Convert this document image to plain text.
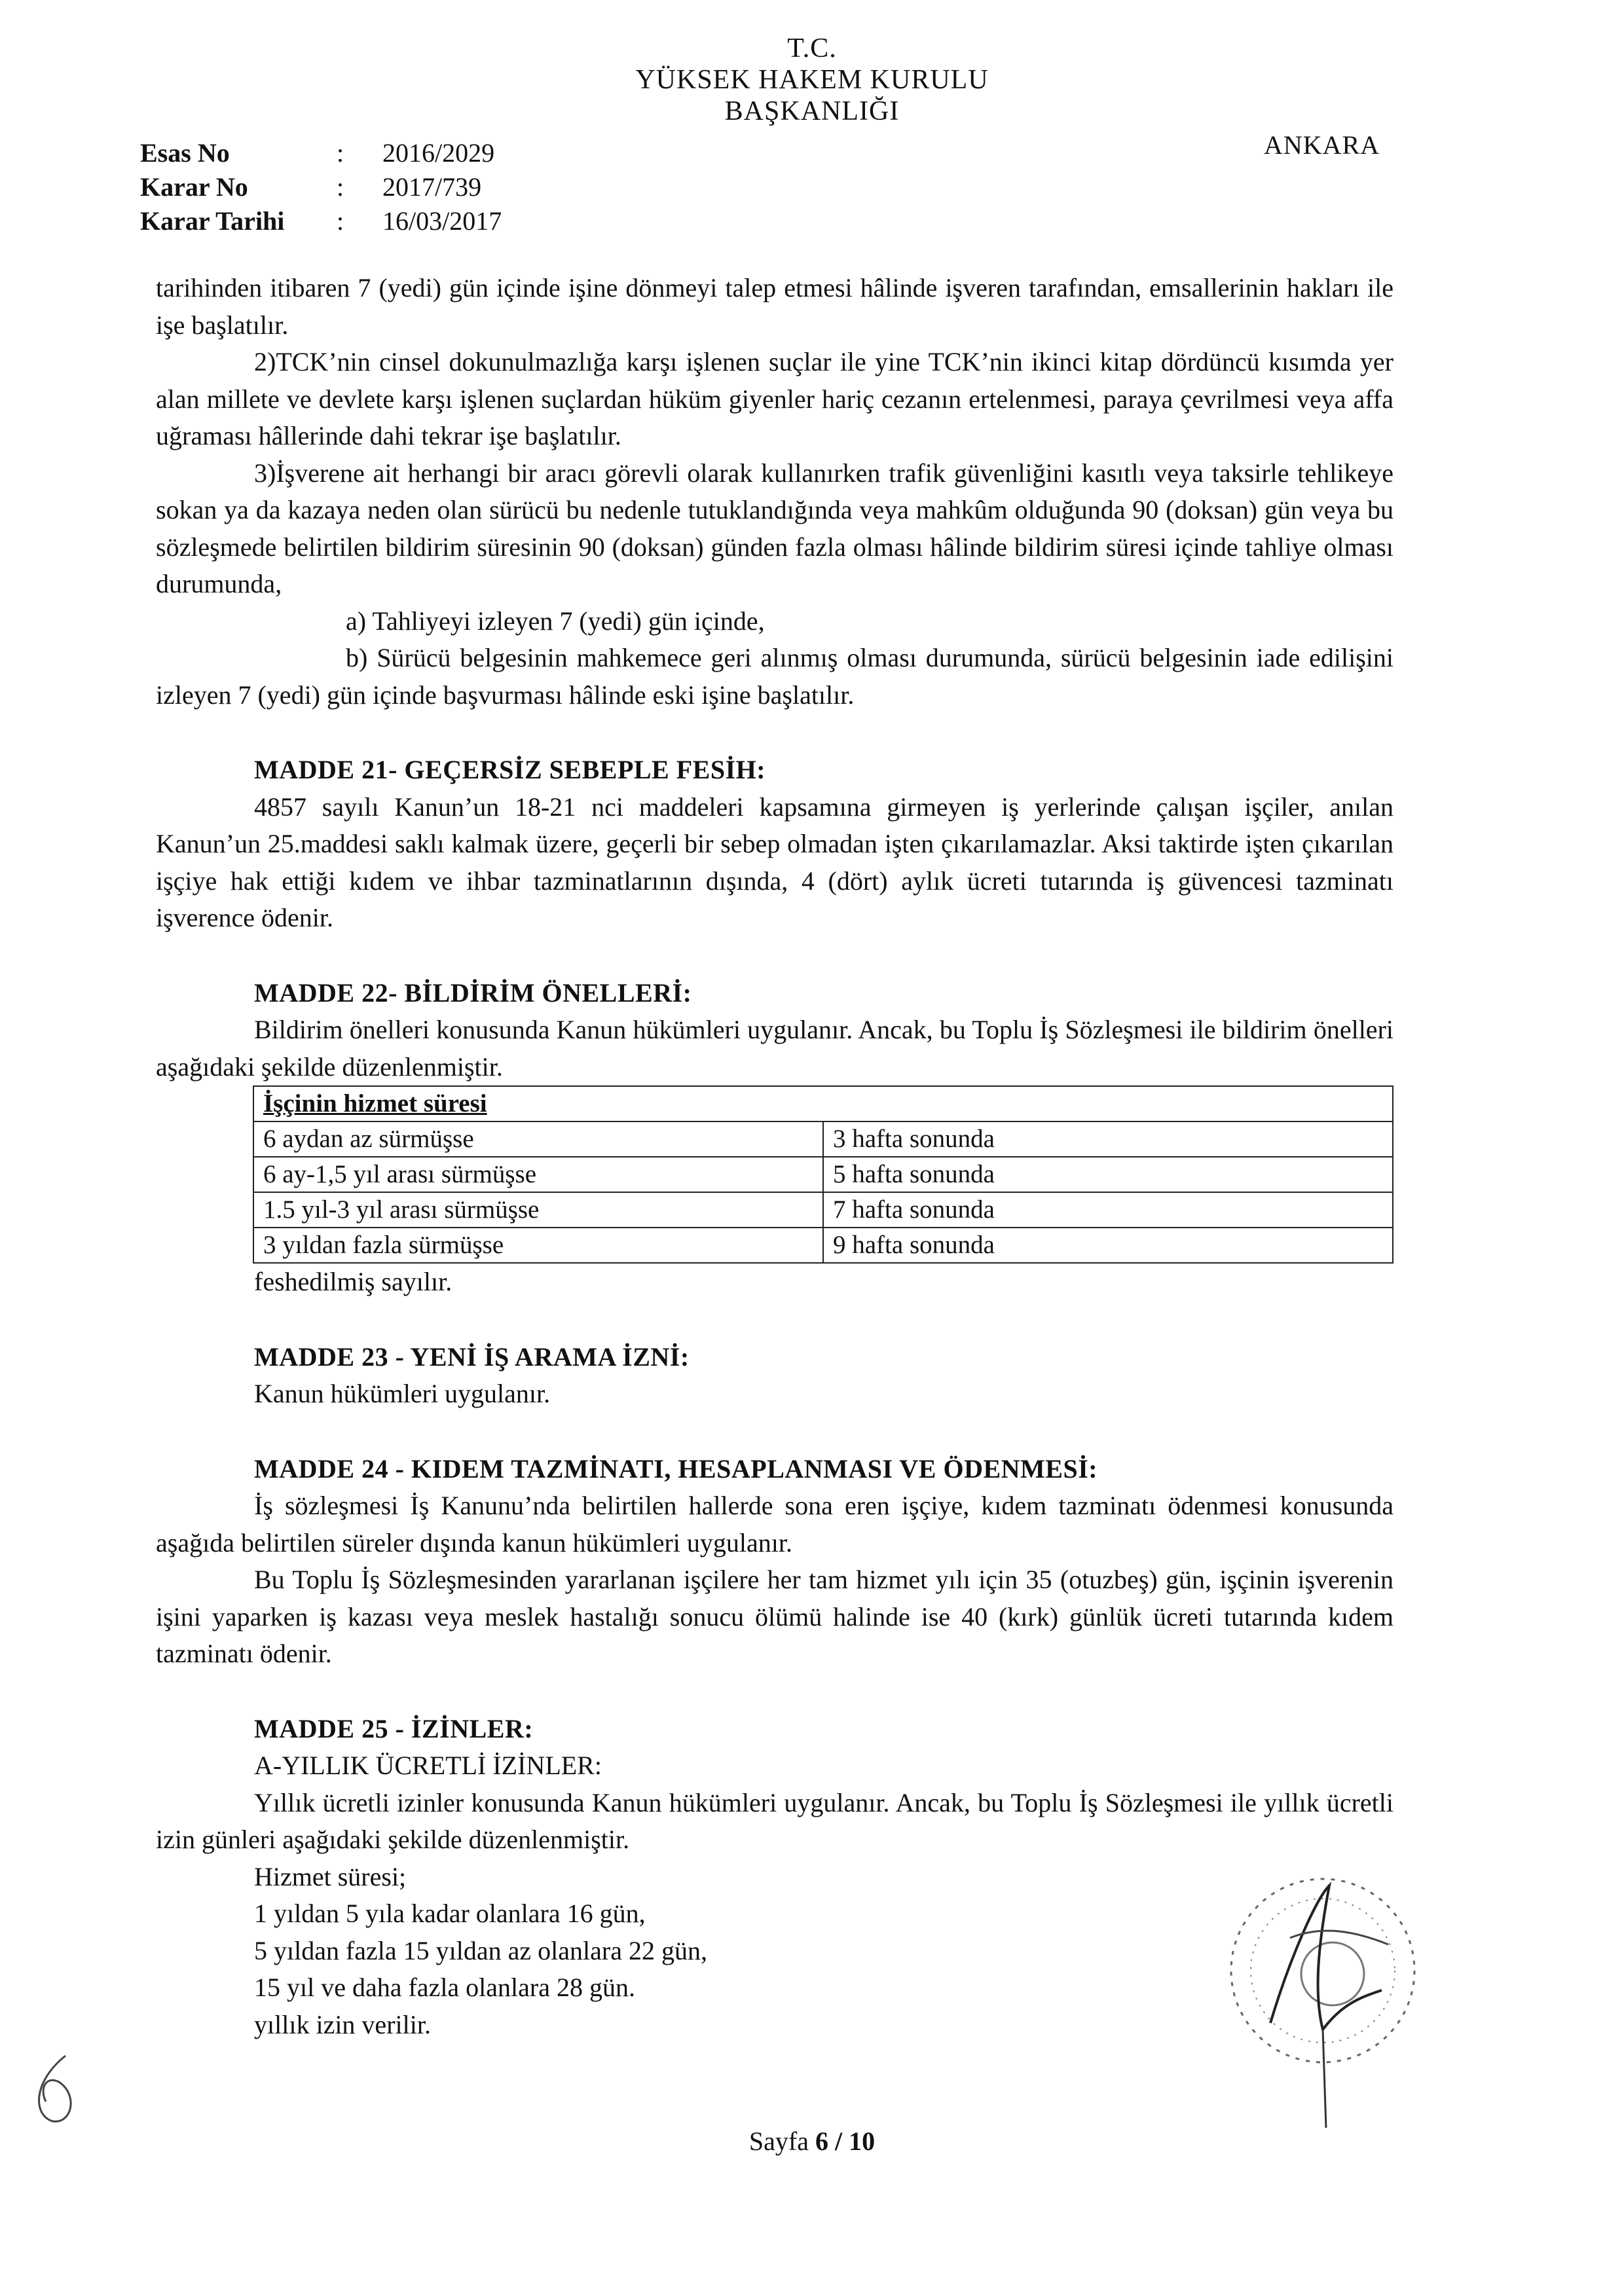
T.C.
YÜKSEK HAKEM KURULU
BAŞKANLIĞI
ANKARA
Esas No	: 2016/2029
Karar No	: 2017/739
Karar Tarihi : 16/03/2017

tarihinden itibaren 7 (yedi) gün içinde işine dönmeyi talep etmesi hâlinde işveren tarafından, emsallerinin hakları ile işe başlatılır.

2)TCK’nin cinsel dokunulmazlığa karşı işlenen suçlar ile yine TCK’nin ikinci kitap dördüncü kısımda yer alan millete ve devlete karşı işlenen suçlardan hüküm giyenler hariç cezanın ertelenmesi, paraya çevrilmesi veya affa uğraması hâllerinde dahi tekrar işe başlatılır.

3)İşverene ait herhangi bir aracı görevli olarak kullanırken trafik güvenliğini kasıtlı veya taksirle tehlikeye sokan ya da kazaya neden olan sürücü bu nedenle tutuklandığında veya mahkûm olduğunda 90 (doksan) gün veya bu sözleşmede belirtilen bildirim süresinin 90 (doksan) günden fazla olması hâlinde bildirim süresi içinde tahliye olması durumunda,

a) Tahliyeyi izleyen 7 (yedi) gün içinde,

b) Sürücü belgesinin mahkemece geri alınmış olması durumunda, sürücü belgesinin iade edilişini izleyen 7 (yedi) gün içinde başvurması hâlinde eski işine başlatılır.

MADDE 21- GEÇERSİZ SEBEPLE FESİH:

4857 sayılı Kanun’un 18-21 nci maddeleri kapsamına girmeyen iş yerlerinde çalışan işçiler, anılan Kanun’un 25.maddesi saklı kalmak üzere, geçerli bir sebep olmadan işten çıkarılamazlar. Aksi taktirde işten çıkarılan işçiye hak ettiği kıdem ve ihbar tazminatlarının dışında, 4 (dört) aylık ücreti tutarında iş güvencesi tazminatı işverence ödenir.

MADDE 22- BİLDİRİM ÖNELLERİ:

Bildirim önelleri konusunda Kanun hükümleri uygulanır. Ancak, bu Toplu İş Sözleşmesi ile bildirim önelleri aşağıdaki şekilde düzenlenmiştir.

İşçinin hizmet süresi	
6 aydan az sürmüşse	3 hafta sonunda
6 ay-1,5 yıl arası sürmüşse	5 hafta sonunda
1.5 yıl-3 yıl arası sürmüşse	7 hafta sonunda
3 yıldan fazla sürmüşse	9 hafta sonunda

feshedilmiş sayılır.

MADDE 23 - YENİ İŞ ARAMA İZNİ:

Kanun hükümleri uygulanır.

MADDE 24 - KIDEM TAZMİNATI, HESAPLANMASI VE ÖDENMESİ:

İş sözleşmesi İş Kanunu’nda belirtilen hallerde sona eren işçiye, kıdem tazminatı ödenmesi konusunda aşağıda belirtilen süreler dışında kanun hükümleri uygulanır.

Bu Toplu İş Sözleşmesinden yararlanan işçilere her tam hizmet yılı için 35 (otuzbeş) gün, işçinin işverenin işini yaparken iş kazası veya meslek hastalığı sonucu ölümü halinde ise 40 (kırk) günlük ücreti tutarında kıdem tazminatı ödenir.

MADDE 25 - İZİNLER:

A-YILLIK ÜCRETLİ İZİNLER:

Yıllık ücretli izinler konusunda Kanun hükümleri uygulanır. Ancak, bu Toplu İş Sözleşmesi ile yıllık ücretli izin günleri aşağıdaki şekilde düzenlenmiştir.

Hizmet süresi;

1 yıldan 5 yıla kadar olanlara 16 gün,

5 yıldan fazla 15 yıldan az olanlara 22 gün,

15 yıl ve daha fazla olanlara 28 gün.

yıllık izin verilir.

Sayfa 6 / 10
